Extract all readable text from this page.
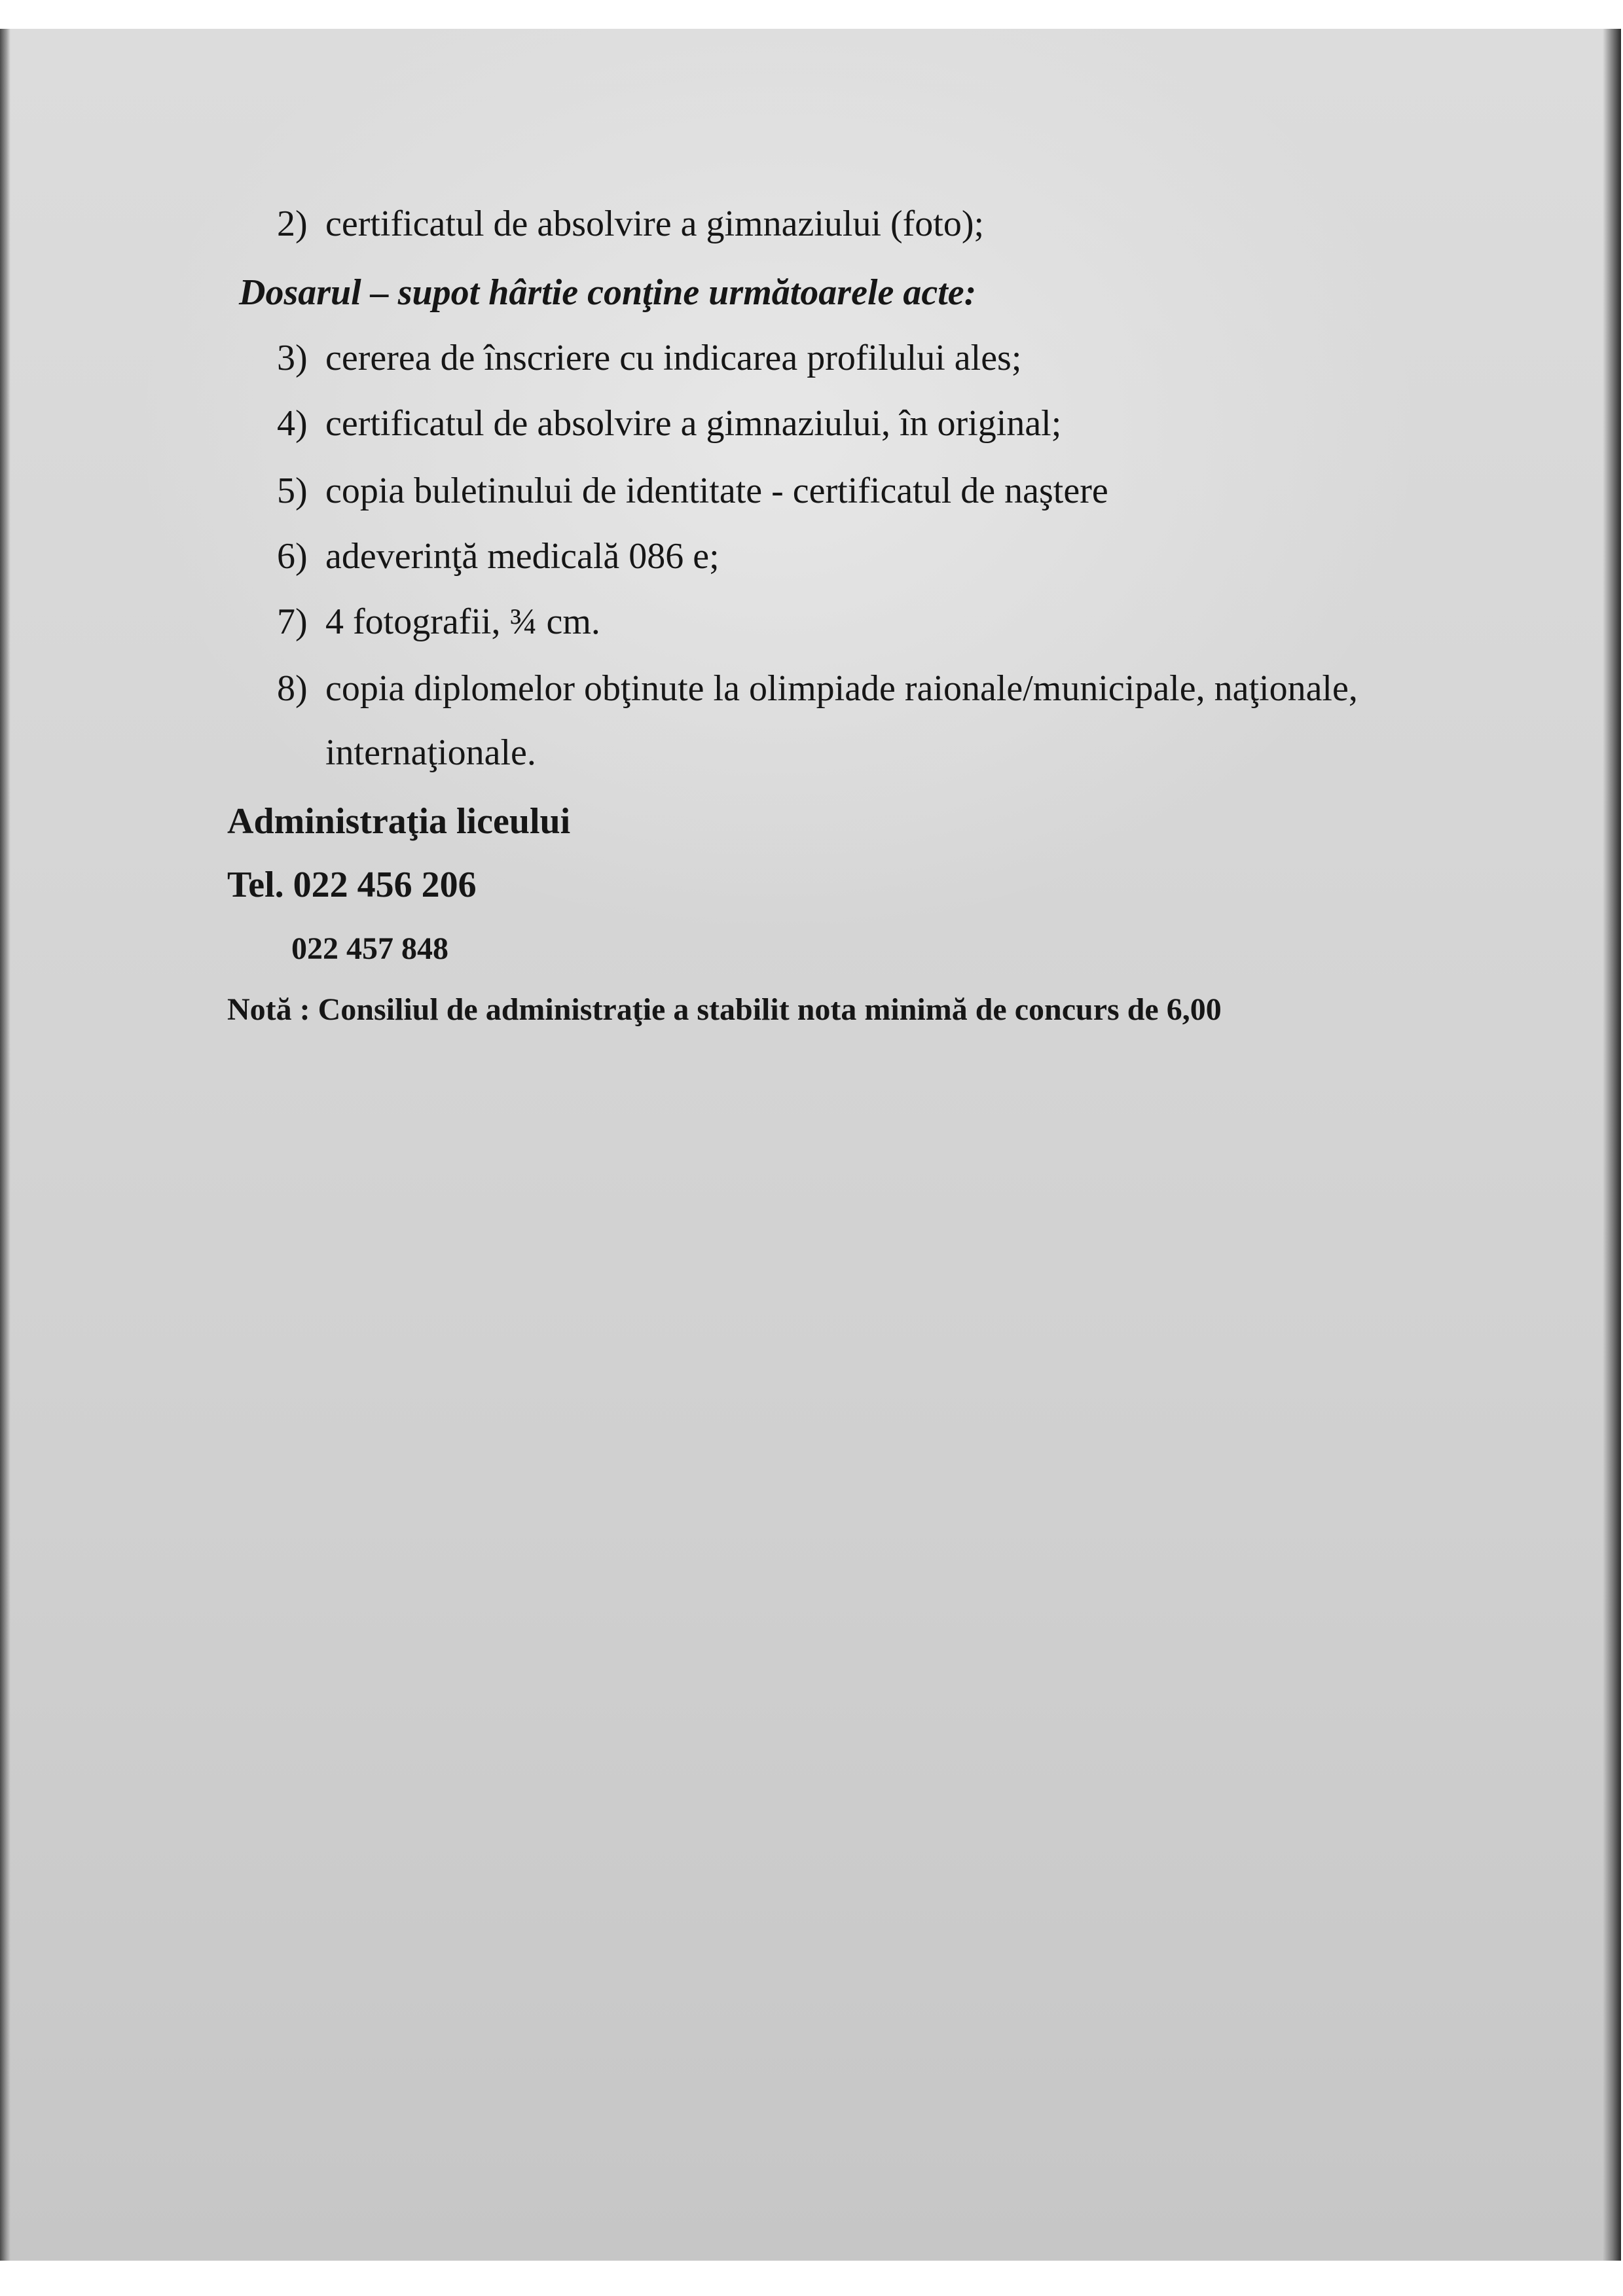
2) certificatul de absolvire a gimnaziului (foto);
Dosarul – supot hârtie conţine următoarele acte:
3) cererea de înscriere cu indicarea profilului ales;
4) certificatul de absolvire a gimnaziului, în original;
5) copia buletinului de identitate - certificatul de naştere
6) adeverinţă medicală 086 e;
7) 4 fotografii, ¾ cm.
8) copia diplomelor obţinute la olimpiade raionale/municipale, naţionale,
internaţionale.
Administraţia liceului
Tel. 022 456 206
022 457 848
Notă : Consiliul de administraţie a stabilit nota minimă de concurs de 6,00
